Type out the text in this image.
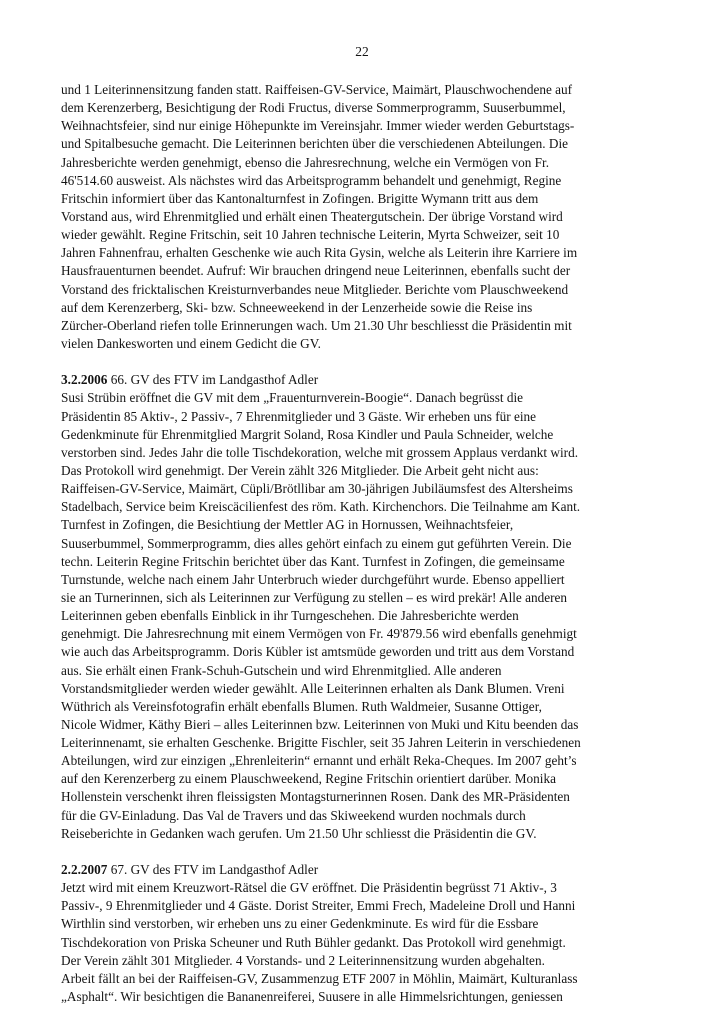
22
und 1 Leiterinnensitzung fanden statt. Raiffeisen-GV-Service, Maimärt, Plauschwochendene auf
dem Kerenzerberg, Besichtigung der Rodi Fructus, diverse Sommerprogramm, Suuserbummel,
Weihnachtsfeier, sind nur einige Höhepunkte im Vereinsjahr. Immer wieder werden Geburtstags-
und Spitalbesuche gemacht. Die Leiterinnen berichten über die verschiedenen Abteilungen. Die
Jahresberichte werden genehmigt, ebenso die Jahresrechnung, welche ein Vermögen von Fr.
46'514.60 ausweist. Als nächstes wird das Arbeitsprogramm behandelt und genehmigt, Regine
Fritschin informiert über das Kantonalturnfest in Zofingen. Brigitte Wymann tritt aus dem
Vorstand aus, wird Ehrenmitglied und erhält einen Theatergutschein. Der übrige Vorstand wird
wieder gewählt. Regine Fritschin, seit 10 Jahren technische Leiterin, Myrta Schweizer, seit 10
Jahren Fahnenfrau, erhalten Geschenke wie auch Rita Gysin, welche als Leiterin ihre Karriere im
Hausfrauenturnen beendet. Aufruf: Wir brauchen dringend neue Leiterinnen, ebenfalls sucht der
Vorstand des fricktalischen Kreisturnverbandes neue Mitglieder. Berichte vom Plauschweekend
auf dem Kerenzerberg, Ski- bzw. Schneeweekend in der Lenzerheide sowie die Reise ins
Zürcher-Oberland riefen tolle Erinnerungen wach. Um 21.30 Uhr beschliesst die Präsidentin mit
vielen Dankesworten und einem Gedicht die GV.
3.2.2006 66. GV des FTV im Landgasthof Adler
Susi Strübin eröffnet die GV mit dem „Frauenturnverein-Boogie“. Danach begrüsst die
Präsidentin 85 Aktiv-, 2 Passiv-, 7 Ehrenmitglieder und 3 Gäste. Wir erheben uns für eine
Gedenkminute für Ehrenmitglied Margrit Soland, Rosa Kindler und Paula Schneider, welche
verstorben sind. Jedes Jahr die tolle Tischdekoration, welche mit grossem Applaus verdankt wird.
Das Protokoll wird genehmigt. Der Verein zählt 326 Mitglieder. Die Arbeit geht nicht aus:
Raiffeisen-GV-Service, Maimärt, Cüpli/Brötllibar am 30-jährigen Jubiläumsfest des Altersheims
Stadelbach, Service beim Kreiscäcilienfest des röm. Kath. Kirchenchors. Die Teilnahme am Kant.
Turnfest in Zofingen, die Besichtiung der Mettler AG in Hornussen, Weihnachtsfeier,
Suuserbummel, Sommerprogramm, dies alles gehört einfach zu einem gut geführten Verein. Die
techn. Leiterin Regine Fritschin berichtet über das Kant. Turnfest in Zofingen, die gemeinsame
Turnstunde, welche nach einem Jahr Unterbruch wieder durchgeführt wurde. Ebenso appelliert
sie an Turnerinnen, sich als Leiterinnen zur Verfügung zu stellen – es wird prekär! Alle anderen
Leiterinnen geben ebenfalls Einblick in ihr Turngeschehen. Die Jahresberichte werden
genehmigt. Die Jahresrechnung mit einem Vermögen von Fr. 49'879.56 wird ebenfalls genehmigt
wie auch das Arbeitsprogramm. Doris Kübler ist amtsmüde geworden und tritt aus dem Vorstand
aus. Sie erhält einen Frank-Schuh-Gutschein und wird Ehrenmitglied. Alle anderen
Vorstandsmitglieder werden wieder gewählt. Alle Leiterinnen erhalten als Dank Blumen. Vreni
Wüthrich als Vereinsfotografin erhält ebenfalls Blumen. Ruth Waldmeier, Susanne Ottiger,
Nicole Widmer, Käthy Bieri – alles Leiterinnen bzw. Leiterinnen von Muki und Kitu beenden das
Leiterinnenamt, sie erhalten Geschenke. Brigitte Fischler, seit 35 Jahren Leiterin in verschiedenen
Abteilungen, wird zur einzigen „Ehrenleiterin“ ernannt und erhält Reka-Cheques. Im 2007 geht’s
auf den Kerenzerberg zu einem Plauschweekend, Regine Fritschin orientiert darüber. Monika
Hollenstein verschenkt ihren fleissigsten Montagsturnerinnen Rosen. Dank des MR-Präsidenten
für die GV-Einladung. Das Val de Travers und das Skiweekend wurden nochmals durch
Reiseberichte in Gedanken wach gerufen. Um 21.50 Uhr schliesst die Präsidentin die GV.
2.2.2007 67. GV des FTV im Landgasthof Adler
Jetzt wird mit einem Kreuzwort-Rätsel die GV eröffnet. Die Präsidentin begrüsst 71 Aktiv-, 3
Passiv-, 9 Ehrenmitglieder und 4 Gäste. Dorist Streiter, Emmi Frech, Madeleine Droll und Hanni
Wirthlin sind verstorben, wir erheben uns zu einer Gedenkminute. Es wird für die Essbare
Tischdekoration von Priska Scheuner und Ruth Bühler gedankt. Das Protokoll wird genehmigt.
Der Verein zählt 301 Mitglieder. 4 Vorstands- und 2 Leiterinnensitzung wurden abgehalten.
Arbeit fällt an bei der Raiffeisen-GV, Zusammenzug ETF 2007 in Möhlin, Maimärt, Kulturanlass
„Asphalt“. Wir besichtigen die Bananenreiferei, Suusere in alle Himmelsrichtungen, geniessen
